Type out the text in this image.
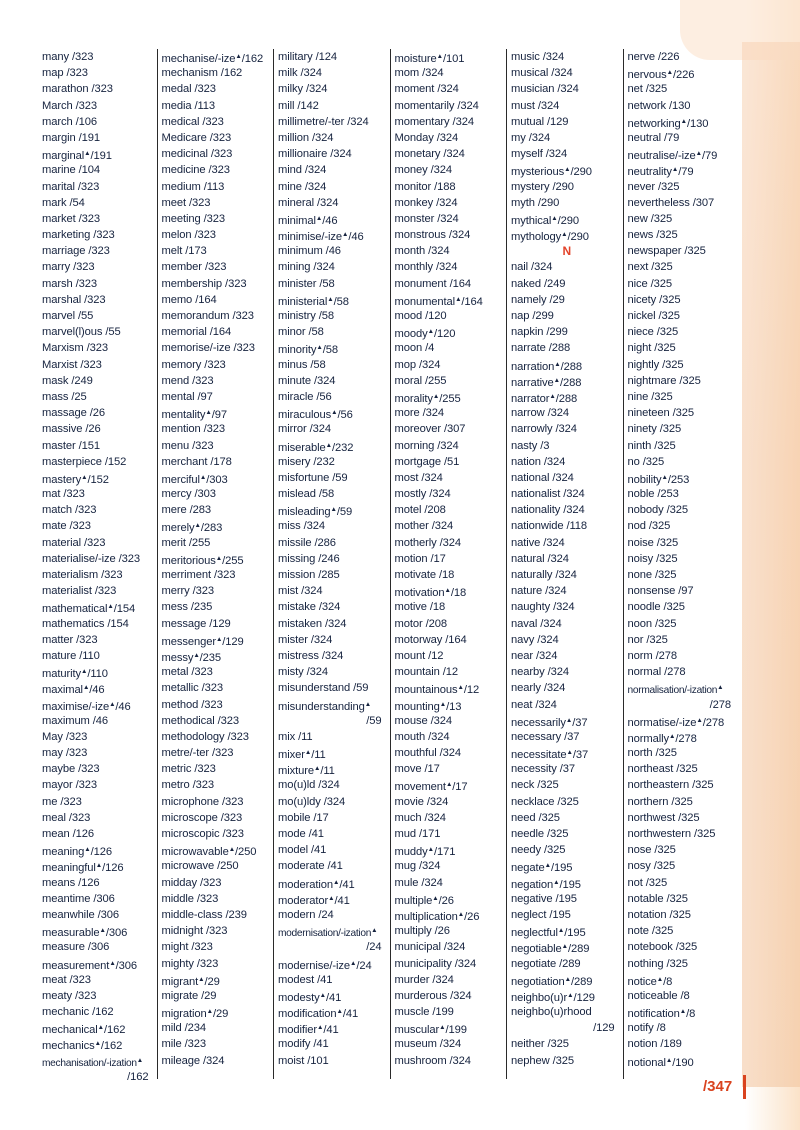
many /323
map /323
marathon /323
March /323
march /106
margin /191
marginal▲/191
marine /104
marital /323
mark /54
market /323
marketing /323
marriage /323
marry /323
marsh /323
marshal /323
marvel /55
marvel(l)ous /55
Marxism /323
Marxist /323
mask /249
mass /25
massage /26
massive /26
master /151
masterpiece /152
mastery▲/152
mat /323
match /323
mate /323
material /323
materialise/-ize /323
materialism /323
materialist /323
mathematical▲/154
mathematics /154
matter /323
mature /110
maturity▲/110
maximal▲/46
maximise/-ize▲/46
maximum /46
May /323
may /323
maybe /323
mayor /323
me /323
meal /323
mean /126
meaning▲/126
meaningful▲/126
means /126
meantime /306
meanwhile /306
measurable▲/306
measure /306
measurement▲/306
meat /323
meaty /323
mechanic /162
mechanical▲/162
mechanics▲/162
mechanisation/-ization▲
/162
mechanise/-ize▲/162
mechanism /162
medal /323
media /113
medical /323
Medicare /323
medicinal /323
medicine /323
medium /113
meet /323
meeting /323
melon /323
melt /173
member /323
membership /323
memo /164
memorandum /323
memorial /164
memorise/-ize /323
memory /323
mend /323
mental /97
mentality▲/97
mention /323
menu /323
merchant /178
merciful▲/303
mercy /303
mere /283
merely▲/283
merit /255
meritorious▲/255
merriment /323
merry /323
mess /235
message /129
messenger▲/129
messy▲/235
metal /323
metallic /323
method /323
methodical /323
methodology /323
metre/-ter /323
metric /323
metro /323
microphone /323
microscope /323
microscopic /323
microwavable▲/250
microwave /250
midday /323
middle /323
middle-class /239
midnight /323
might /323
mighty /323
migrant▲/29
migrate /29
migration▲/29
mild /234
mile /323
mileage /324
military /124
milk /324
milky /324
mill /142
millimetre/-ter /324
million /324
millionaire /324
mind /324
mine /324
mineral /324
minimal▲/46
minimise/-ize▲/46
minimum /46
mining /324
minister /58
ministerial▲/58
ministry /58
minor /58
minority▲/58
minus /58
minute /324
miracle /56
miraculous▲/56
mirror /324
miserable▲/232
misery /232
misfortune /59
mislead /58
misleading▲/59
miss /324
missile /286
missing /246
mission /285
mist /324
mistake /324
mistaken /324
mister /324
mistress /324
misty /324
misunderstand /59
misunderstanding▲
/59
mix /11
mixer▲/11
mixture▲/11
mo(u)ld /324
mo(u)ldy /324
mobile /17
mode /41
model /41
moderate /41
moderation▲/41
moderator▲/41
modern /24
modernisation/-ization▲
/24
modernise/-ize▲/24
modest /41
modesty▲/41
modification▲/41
modifier▲/41
modify /41
moist /101
moisture▲/101
mom /324
moment /324
momentarily /324
momentary /324
Monday /324
monetary /324
money /324
monitor /188
monkey /324
monster /324
monstrous /324
month /324
monthly /324
monument /164
monumental▲/164
mood /120
moody▲/120
moon /4
mop /324
moral /255
morality▲/255
more /324
moreover /307
morning /324
mortgage /51
most /324
mostly /324
motel /208
mother /324
motherly /324
motion /17
motivate /18
motivation▲/18
motive /18
motor /208
motorway /164
mount /12
mountain /12
mountainous▲/12
mounting▲/13
mouse /324
mouth /324
mouthful /324
move /17
movement▲/17
movie /324
much /324
mud /171
muddy▲/171
mug /324
mule /324
multiple▲/26
multiplication▲/26
multiply /26
municipal /324
municipality /324
murder /324
murderous /324
muscle /199
muscular▲/199
museum /324
mushroom /324
music /324
musical /324
musician /324
must /324
mutual /129
my /324
myself /324
mysterious▲/290
mystery /290
myth /290
mythical▲/290
mythology▲/290
N
nail /324
naked /249
namely /29
nap /299
napkin /299
narrate /288
narration▲/288
narrative▲/288
narrator▲/288
narrow /324
narrowly /324
nasty /3
nation /324
national /324
nationalist /324
nationality /324
nationwide /118
native /324
natural /324
naturally /324
nature /324
naughty /324
naval /324
navy /324
near /324
nearby /324
nearly /324
neat /324
necessarily▲/37
necessary /37
necessitate▲/37
necessity /37
neck /325
necklace /325
need /325
needle /325
needy /325
negate▲/195
negation▲/195
negative /195
neglect /195
neglectful▲/195
negotiable▲/289
negotiate /289
negotiation▲/289
neighbo(u)r▲/129
neighbo(u)rhood
/129
neither /325
nephew /325
nerve /226
nervous▲/226
net /325
network /130
networking▲/130
neutral /79
neutralise/-ize▲/79
neutrality▲/79
never /325
nevertheless /307
new /325
news /325
newspaper /325
next /325
nice /325
nicety /325
nickel /325
niece /325
night /325
nightly /325
nightmare /325
nine /325
nineteen /325
ninety /325
ninth /325
no /325
nobility▲/253
noble /253
nobody /325
nod /325
noise /325
noisy /325
none /325
nonsense /97
noodle /325
noon /325
nor /325
norm /278
normal /278
normalisation/-ization▲
/278
normatise/-ize▲/278
normally▲/278
north /325
northeast /325
northeastern /325
northern /325
northwest /325
northwestern /325
nose /325
nosy /325
not /325
notable /325
notation /325
note /325
notebook /325
nothing /325
notice▲/8
noticeable /8
notification▲/8
notify /8
notion /189
notional▲/190
/347
